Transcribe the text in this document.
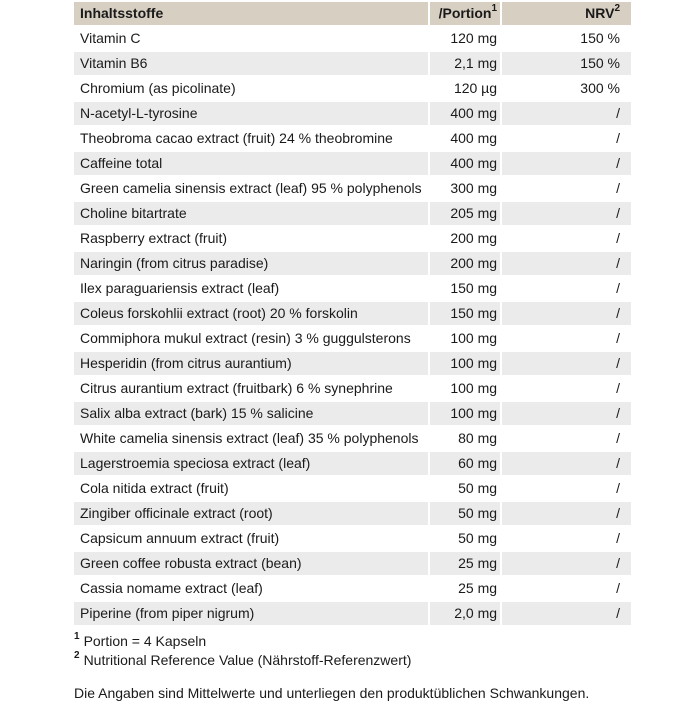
Inhaltsstoffe	/Portion$^1$	NRV$^2$
Vitamin C	120 mg	150 %
Vitamin B6	2,1 mg	150 %
Chromium (as picolinate)	120 µg	300 %
N-acetyl-L-tyrosine	400 mg	/
Theobroma cacao extract (fruit) 24 % theobromine	400 mg	/
Caffeine total	400 mg	/
Green camelia sinensis extract (leaf) 95 % polyphenols	300 mg	/
Choline bitartrate	205 mg	/
Raspberry extract (fruit)	200 mg	/
Naringin (from citrus paradise)	200 mg	/
Ilex paraguariensis extract (leaf)	150 mg	/
Coleus forskohlii extract (root) 20 % forskolin	150 mg	/
Commiphora mukul extract (resin) 3 % guggulsterons	100 mg	/
Hesperidin (from citrus aurantium)	100 mg	/
Citrus aurantium extract (fruitbark) 6 % synephrine	100 mg	/
Salix alba extract (bark) 15 % salicine	100 mg	/
White camelia sinensis extract (leaf) 35 % polyphenols	80 mg	/
Lagerstroemia speciosa extract (leaf)	60 mg	/
Cola nitida extract (fruit)	50 mg	/
Zingiber officinale extract (root)	50 mg	/
Capsicum annuum extract (fruit)	50 mg	/
Green coffee robusta extract (bean)	25 mg	/
Cassia nomame extract (leaf)	25 mg	/
Piperine (from piper nigrum)	2,0 mg	/
$^1$ Portion = 4 Kapseln
$^2$ Nutritional Reference Value (Nährstoff-Referenzwert)
Die Angaben sind Mittelwerte und unterliegen den produktüblichen Schwankungen.
